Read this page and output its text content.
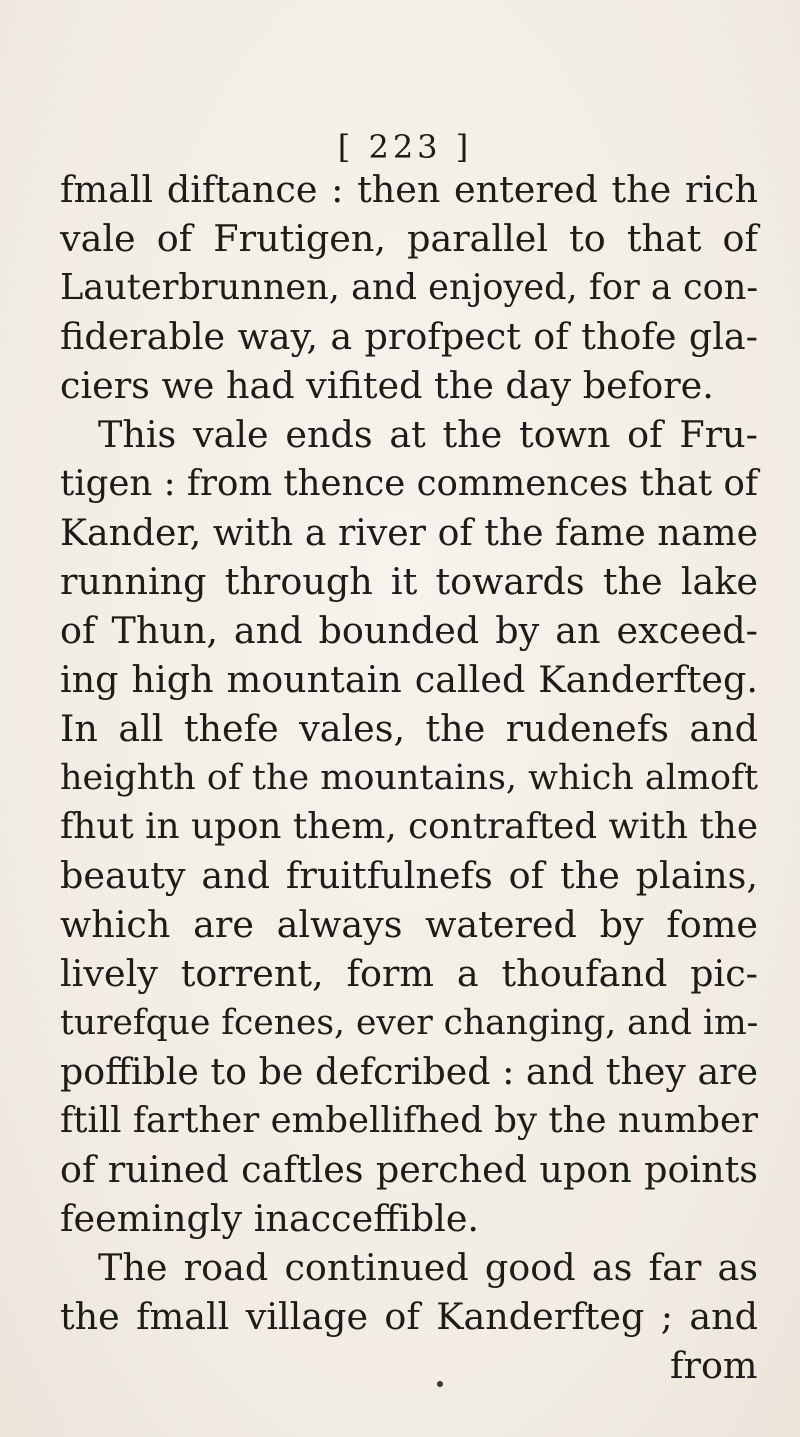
[ 223 ]
fmall diftance : then entered the rich
vale of Frutigen, parallel to that of
Lauterbrunnen, and enjoyed, for a con-
fiderable way, a profpect of thofe gla-
ciers we had vifited the day before.
This vale ends at the town of Fru-
tigen : from thence commences that of
Kander, with a river of the fame name
running through it towards the lake
of Thun, and bounded by an exceed-
ing high mountain called Kanderfteg.
In all thefe vales, the rudenefs and
heighth of the mountains, which almoft
fhut in upon them, contrafted with the
beauty and fruitfulnefs of the plains,
which are always watered by fome
lively torrent, form a thoufand pic-
turefque fcenes, ever changing, and im-
poffible to be defcribed : and they are
ftill farther embellifhed by the number
of ruined caftles perched upon points
feemingly inacceffible.
The road continued good as far as
the fmall village of Kanderfteg ; and
from
